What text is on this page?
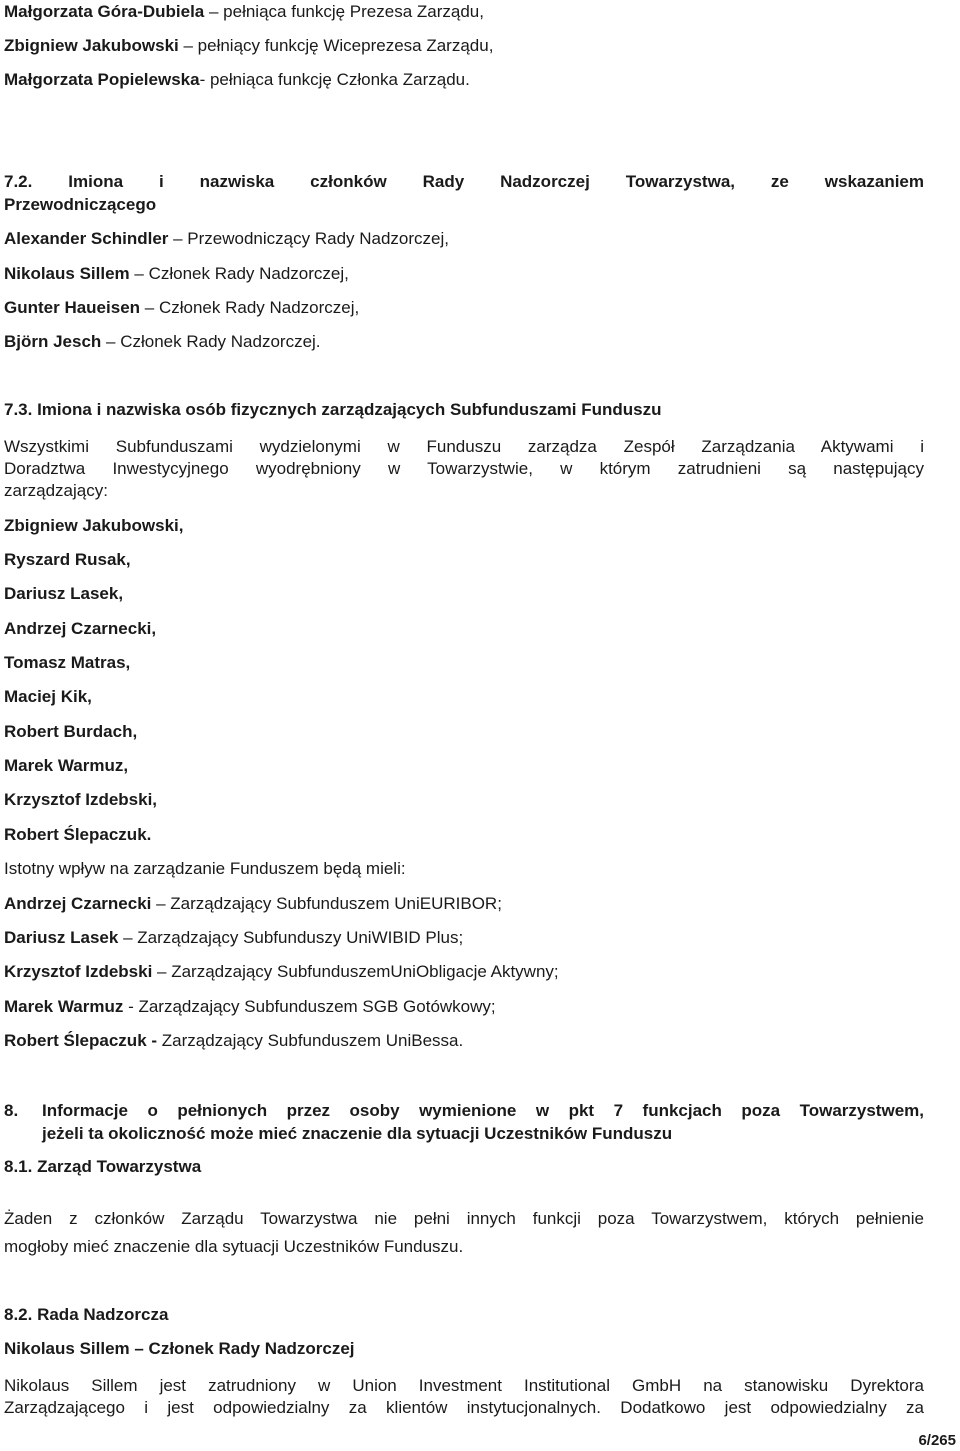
Małgorzata Góra-Dubiela – pełniąca funkcję Prezesa Zarządu,
Zbigniew Jakubowski – pełniący funkcję Wiceprezesa Zarządu,
Małgorzata Popielewska- pełniąca funkcję Członka Zarządu.
7.2. Imiona i nazwiska członków Rady Nadzorczej Towarzystwa, ze wskazaniem
Przewodniczącego
Alexander Schindler – Przewodniczący Rady Nadzorczej,
Nikolaus Sillem – Członek Rady Nadzorczej,
Gunter Haueisen – Członek Rady Nadzorczej,
Björn Jesch – Członek Rady Nadzorczej.
7.3. Imiona i nazwiska osób fizycznych zarządzających Subfunduszami Funduszu
Wszystkimi Subfunduszami wydzielonymi w Funduszu zarządza Zespół Zarządzania Aktywami i
Doradztwa Inwestycyjnego wyodrębniony w Towarzystwie, w którym zatrudnieni są następujący
zarządzający:
Zbigniew Jakubowski,
Ryszard Rusak,
Dariusz Lasek,
Andrzej Czarnecki,
Tomasz Matras,
Maciej Kik,
Robert Burdach,
Marek Warmuz,
Krzysztof Izdebski,
Robert Ślepaczuk.
Istotny wpływ na zarządzanie Funduszem będą mieli:
Andrzej Czarnecki – Zarządzający Subfunduszem UniEURIBOR;
Dariusz Lasek – Zarządzający Subfunduszy UniWIBID Plus;
Krzysztof Izdebski – Zarządzający SubfunduszemUniObligacje Aktywny;
Marek Warmuz - Zarządzający Subfunduszem SGB Gotówkowy;
Robert Ślepaczuk - Zarządzający Subfunduszem UniBessa.
8.	Informacje o pełnionych przez osoby wymienione w pkt 7 funkcjach poza Towarzystwem,
jeżeli ta okoliczność może mieć znaczenie dla sytuacji Uczestników Funduszu
8.1. Zarząd Towarzystwa
Żaden z członków Zarządu Towarzystwa nie pełni innych funkcji poza Towarzystwem, których pełnienie
mogłoby mieć znaczenie dla sytuacji Uczestników Funduszu.
8.2. Rada Nadzorcza
Nikolaus Sillem – Członek Rady Nadzorczej
Nikolaus Sillem jest zatrudniony w Union Investment Institutional GmbH na stanowisku Dyrektora
Zarządzającego i jest odpowiedzialny za klientów instytucjonalnych. Dodatkowo jest odpowiedzialny za
6/265
